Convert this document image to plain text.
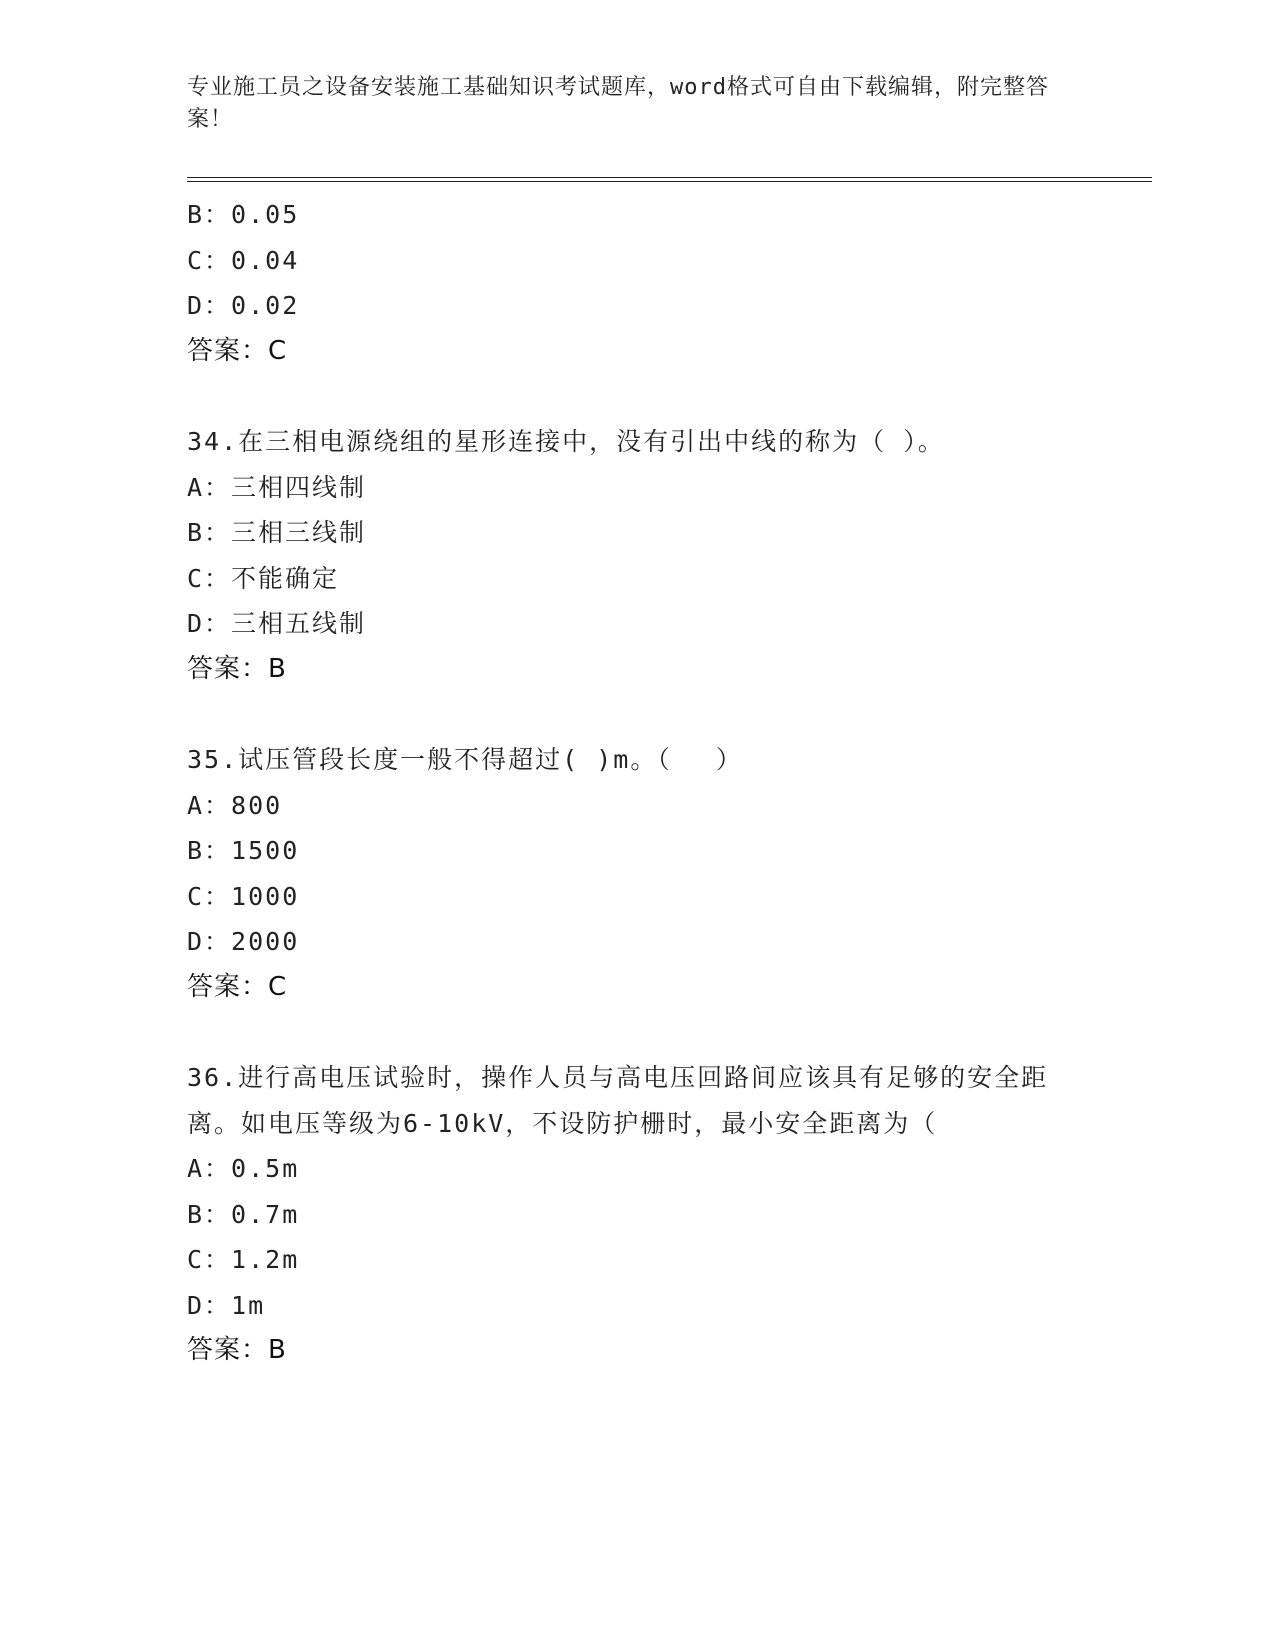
专业施工员之设备安装施工基础知识考试题库，word格式可自由下载编辑，附完整答案！
B：0.05
C：0.04
D：0.02
答案：C
34.在三相电源绕组的星形连接中，没有引出中线的称为（ ）。
A：三相四线制
B：三相三线制
C：不能确定
D：三相五线制
答案：B
35.试压管段长度一般不得超过( )m。（　 ）
A：800
B：1500
C：1000
D：2000
答案：C
36.进行高电压试验时，操作人员与高电压回路间应该具有足够的安全距离。如电压等级为6-10kV，不设防护栅时，最小安全距离为（
A：0.5m
B：0.7m
C：1.2m
D：1m
答案：B
